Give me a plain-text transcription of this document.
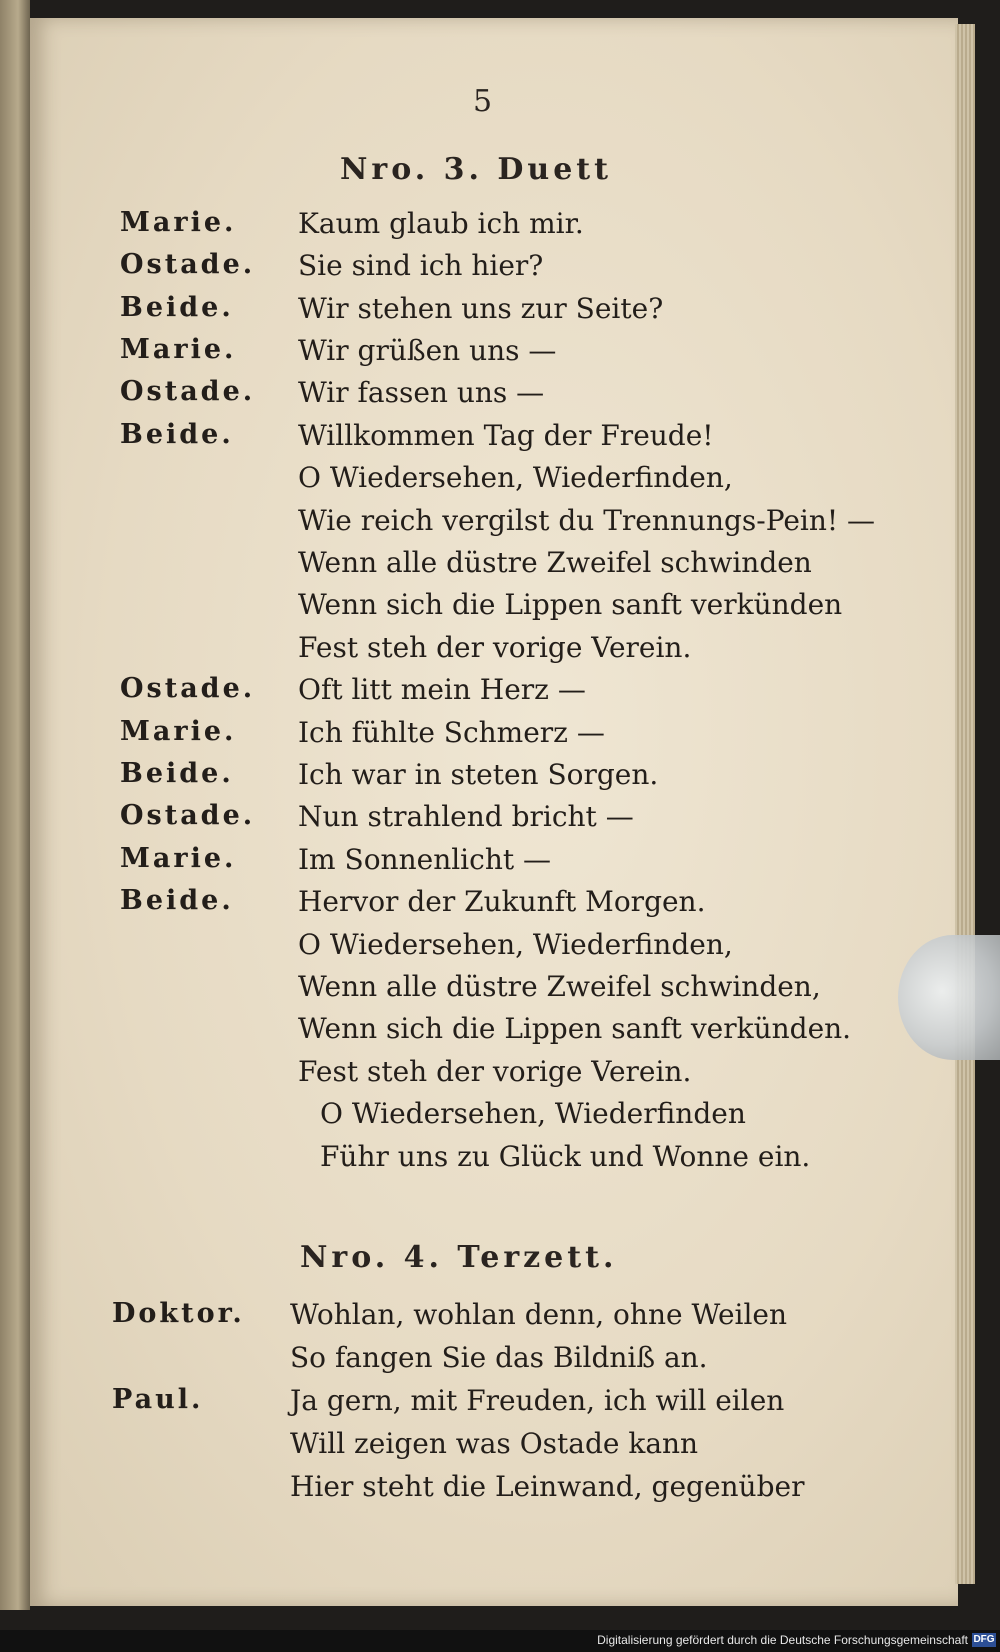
5
Nro. 3. Duett
Marie. Kaum glaub ich mir.
Ostade. Sie sind ich hier?
Beide. Wir stehen uns zur Seite?
Marie. Wir grüßen uns —
Ostade. Wir fassen uns —
Beide. Willkommen Tag der Freude!
O Wiedersehen, Wiederfinden,
Wie reich vergilst du Trennungs-Pein! —
Wenn alle düstre Zweifel schwinden
Wenn sich die Lippen sanft verkünden
Fest steh der vorige Verein.
Ostade. Oft litt mein Herz —
Marie. Ich fühlte Schmerz —
Beide. Ich war in steten Sorgen.
Ostade. Nun strahlend bricht —
Marie. Im Sonnenlicht —
Beide. Hervor der Zukunft Morgen.
O Wiedersehen, Wiederfinden,
Wenn alle düstre Zweifel schwinden,
Wenn sich die Lippen sanft verkünden.
Fest steh der vorige Verein.
O Wiedersehen, Wiederfinden
Führ uns zu Glück und Wonne ein.
Nro. 4. Terzett.
Doktor. Wohlan, wohlan denn, ohne Weilen
So fangen Sie das Bildniß an.
Paul.	Ja gern, mit Freuden, ich will eilen
Will zeigen was Ostade kann
Hier steht die Leinwand, gegenüber
Digitalisierung gefördert durch die Deutsche Forschungsgemeinschaft DFG
